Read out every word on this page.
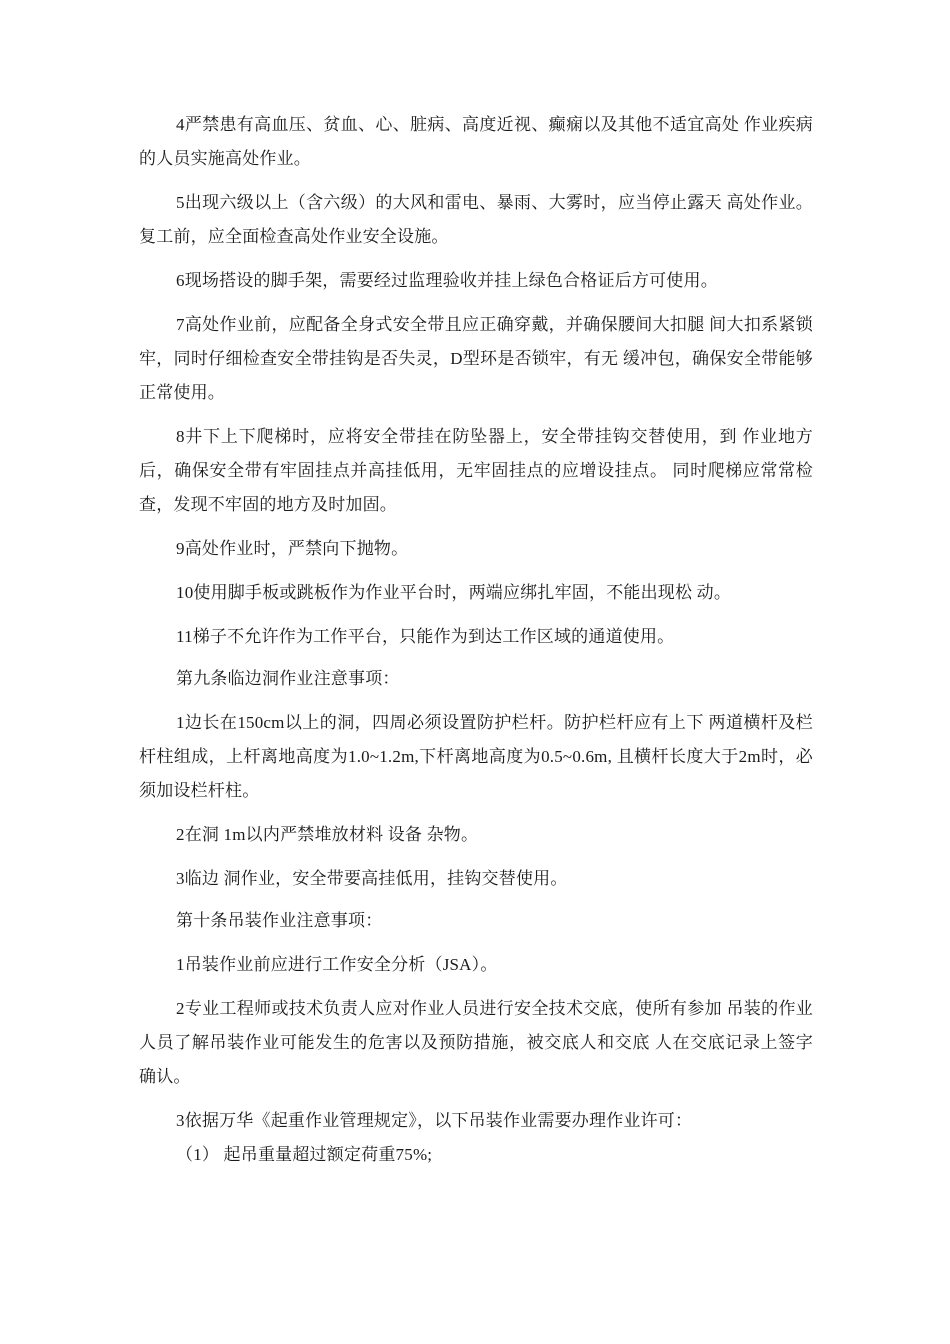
4严禁患有高血压、贫血、心、脏病、高度近视、癫痫以及其他不适宜高处 作业疾病的人员实施高处作业。

5出现六级以上（含六级）的大风和雷电、暴雨、大雾时，应当停止露天 高处作业。复工前，应全面检查高处作业安全设施。

6现场搭设的脚手架，需要经过监理验收并挂上绿色合格证后方可使用。

7高处作业前，应配备全身式安全带且应正确穿戴，并确保腰间大扣腿 间大扣系紧锁牢，同时仔细检查安全带挂钩是否失灵，D型环是否锁牢，有无 缓冲包，确保安全带能够正常使用。

8井下上下爬梯时，应将安全带挂在防坠器上，安全带挂钩交替使用，到 作业地方后，确保安全带有牢固挂点并高挂低用，无牢固挂点的应增设挂点。 同时爬梯应常常检查，发现不牢固的地方及时加固。

9高处作业时，严禁向下抛物。

10使用脚手板或跳板作为作业平台时，两端应绑扎牢固，不能出现松 动。

11梯子不允许作为工作平台，只能作为到达工作区域的通道使用。

第九条临边洞作业注意事项：

1边长在150cm以上的洞，四周必须设置防护栏杆。防护栏杆应有上下 两道横杆及栏杆柱组成，上杆离地高度为1.0~1.2m,下杆离地高度为0.5~0.6m, 且横杆长度大于2m时，必须加设栏杆柱。

2在洞 1m以内严禁堆放材料 设备 杂物。

3临边 洞作业，安全带要高挂低用，挂钩交替使用。

第十条吊装作业注意事项：

1吊装作业前应进行工作安全分析（JSA）。

2专业工程师或技术负责人应对作业人员进行安全技术交底，使所有参加 吊装的作业人员了解吊装作业可能发生的危害以及预防措施，被交底人和交底 人在交底记录上签字确认。

3依据万华《起重作业管理规定》，以下吊装作业需要办理作业许可：

（1） 起吊重量超过额定荷重75%;
